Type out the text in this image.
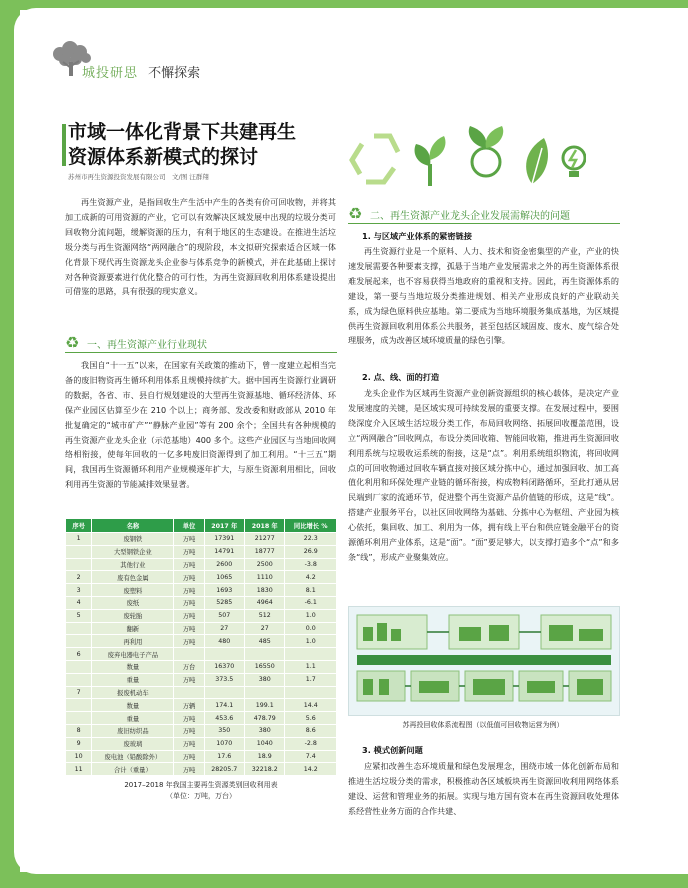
城投研思 不懈探索
市域一体化背景下共建再生
资源体系新模式的探讨
苏州市再生资源投资发展有限公司　文/图 汪群翔
再生资源产业，是指回收生产生活中产生的各类有价可回收物，并将其加工成新的可用资源的产业，它可以有效解决区域发展中出现的垃圾分类可回收物分流问题，缓解资源的压力，有利于地区的生态建设。在推进生活垃圾分类与再生资源网络“两网融合”的现阶段，本文拟研究探索适合区域一体化背景下现代再生资源龙头企业参与体系竞争的新模式，并在此基础上探讨对各种资源要素进行优化整合的可行性，为再生资源回收利用体系建设提出可借鉴的思路，具有很强的现实意义。
♻ 一、再生资源产业行业现状
我国自“十一五”以来，在国家有关政策的推动下，曾一度建立起相当完备的废旧物资再生循环利用体系且规模持续扩大。据中国再生资源行业调研的数据，各省、市、县自行规划建设的大型再生资源基地、循环经济体、环保产业园区估算至少在 210 个以上；商务部、发改委和财政部从 2010 年批复确定的“城市矿产”“静脉产业园”等有 200 余个；全国共有各种规模的再生资源产业龙头企业（示范基地）400 多个。这些产业园区与当地回收网络相衔接，使每年回收的一亿多吨废旧资源得到了加工利用。“十三五”期间，我国再生资源循环利用产业规模逐年扩大，与原生资源利用相比，回收利用再生资源的节能减排效果显著。
序号	名称	单位	2017 年	2018 年	同比增长 %
1	废钢铁	万吨	17391	21277	22.3
	大型钢铁企业	万吨	14791	18777	26.9
	其他行业	万吨	2600	2500	-3.8
2	废有色金属	万吨	1065	1110	4.2
3	废塑料	万吨	1693	1830	8.1
4	废纸	万吨	5285	4964	-6.1
5	废轮胎	万吨	507	512	1.0
	翻新	万吨	27	27	0.0
	再利用	万吨	480	485	1.0
6	废弃电器电子产品				
	数量	万台	16370	16550	1.1
	重量	万吨	373.5	380	1.7
7	报废机动车				
	数量	万辆	174.1	199.1	14.4
	重量	万吨	453.6	478.79	5.6
8	废旧纺织品	万吨	350	380	8.6
9	废玻璃	万吨	1070	1040	-2.8
10	废电池（铅酸除外）	万吨	17.6	18.9	7.4
11	合计（重量）	万吨	28205.7	32218.2	14.2
2017–2018 年我国主要再生资源类别回收利用表
（单位：万吨，万台）
♻ 二、再生资源产业龙头企业发展需解决的问题
1. 与区域产业体系的紧密链接
再生资源行业是一个原料、人力、技术和资金密集型的产业，产业的快速发展需要各种要素支撑，孤悬于当地产业发展需求之外的再生资源体系很难发展起来，也不容易获得当地政府的重视和支持。因此，再生资源体系的建设，第一要与当地垃圾分类推进规划、相关产业形成良好的产业联动关系，成为绿色原料供应基地。第二要成为当地环境服务集成基地，为区域提供再生资源回收利用体系公共服务，甚至包括区域固废、废水、废气综合处理服务，成为改善区域环境质量的绿色引擎。
2. 点、线、面的打造
龙头企业作为区域再生资源产业创新资源组织的核心载体，是决定产业发展速度的关键，是区域实现可持续发展的重要支撑。在发展过程中，要围绕深度介入区域生活垃圾分类工作，布局回收网络、拓展回收覆盖范围，设立“两网融合”回收网点，布设分类回收箱、智能回收箱，推进再生资源回收利用系统与垃圾收运系统的衔接，这是“点”。利用系统组织物流，将回收网点的可回收物通过回收车辆直接对接区域分拣中心，通过加强回收、加工高值化利用和环保处理产业链的循环衔接，构成物料闭路循环，至此打通从居民端到厂家的流通环节，促进整个再生资源产品价值链的形成，这是“线”。搭建产业服务平台，以社区回收网络为基础、分拣中心为枢纽、产业园为核心依托，集回收、加工、利用为一体，拥有线上平台和供应链金融平台的资源循环利用产业体系，这是“面”。“面”要足够大，以支撑打造多个“点”和多条“线”，形成产业聚集效应。
苏再投回收体系流程图（以低值可回收物运营为例）
3. 模式创新问题
应紧扣改善生态环境质量和绿色发展理念，围绕市域一体化创新布局和推进生活垃圾分类的需求，积极推动各区域板块再生资源回收利用网络体系建设、运营和管理业务的拓展。实现与地方国有资本在再生资源回收处理体系经营性业务方面的合作共建、
